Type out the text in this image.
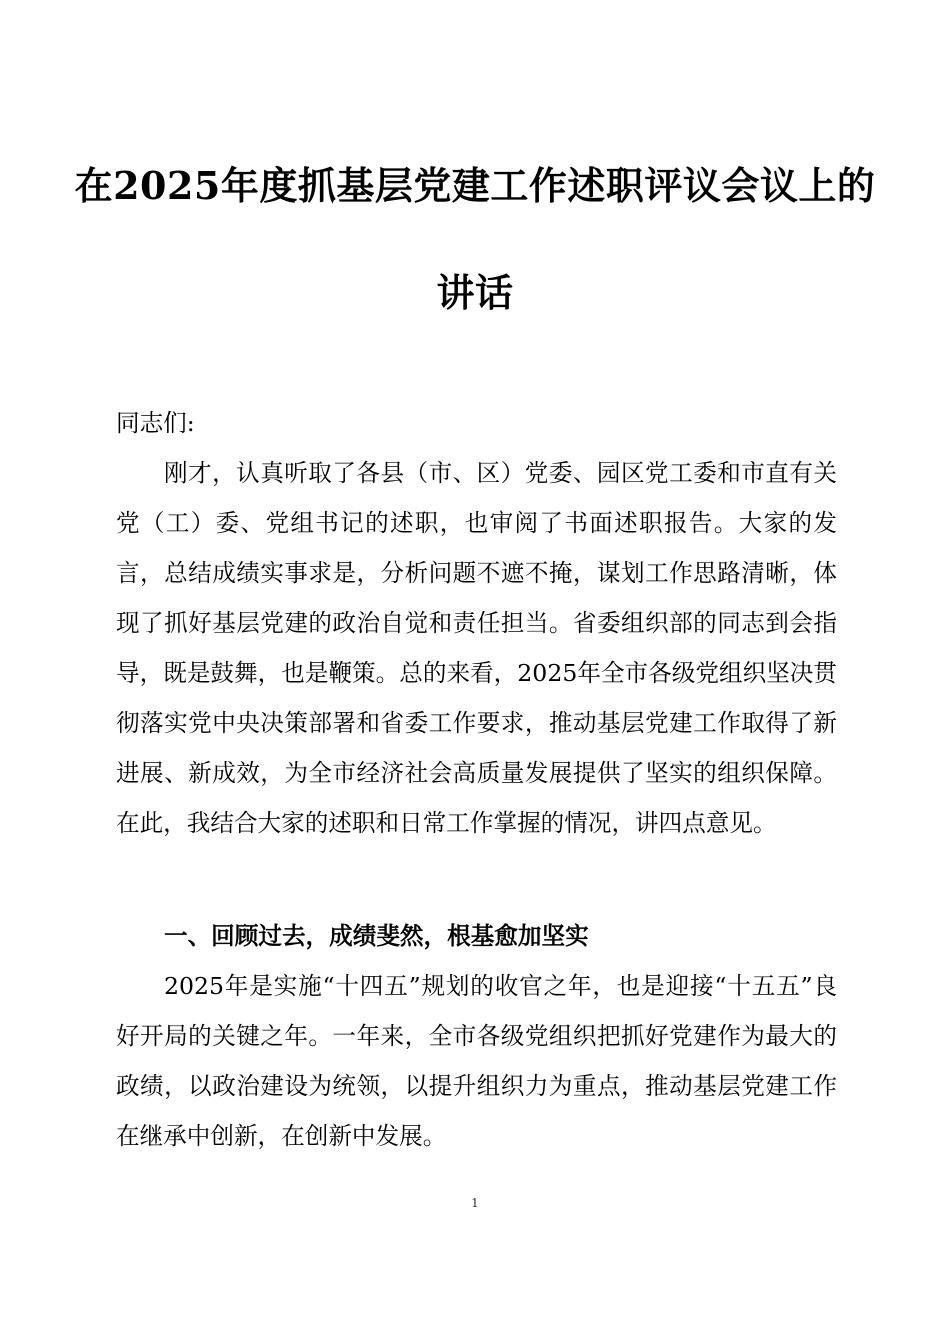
在2025年度抓基层党建工作述职评议会议上的
讲话
同志们:
刚才，认真听取了各县（市、区）党委、园区党工委和市直有关党（工）委、党组书记的述职，也审阅了书面述职报告。大家的发言，总结成绩实事求是，分析问题不遮不掩，谋划工作思路清晰，体现了抓好基层党建的政治自觉和责任担当。省委组织部的同志到会指导，既是鼓舞，也是鞭策。总的来看，2025年全市各级党组织坚决贯彻落实党中央决策部署和省委工作要求，推动基层党建工作取得了新进展、新成效，为全市经济社会高质量发展提供了坚实的组织保障。在此，我结合大家的述职和日常工作掌握的情况，讲四点意见。
一、回顾过去，成绩斐然，根基愈加坚实
2025年是实施“十四五”规划的收官之年，也是迎接“十五五”良好开局的关键之年。一年来，全市各级党组织把抓好党建作为最大的政绩，以政治建设为统领，以提升组织力为重点，推动基层党建工作在继承中创新，在创新中发展。
1
